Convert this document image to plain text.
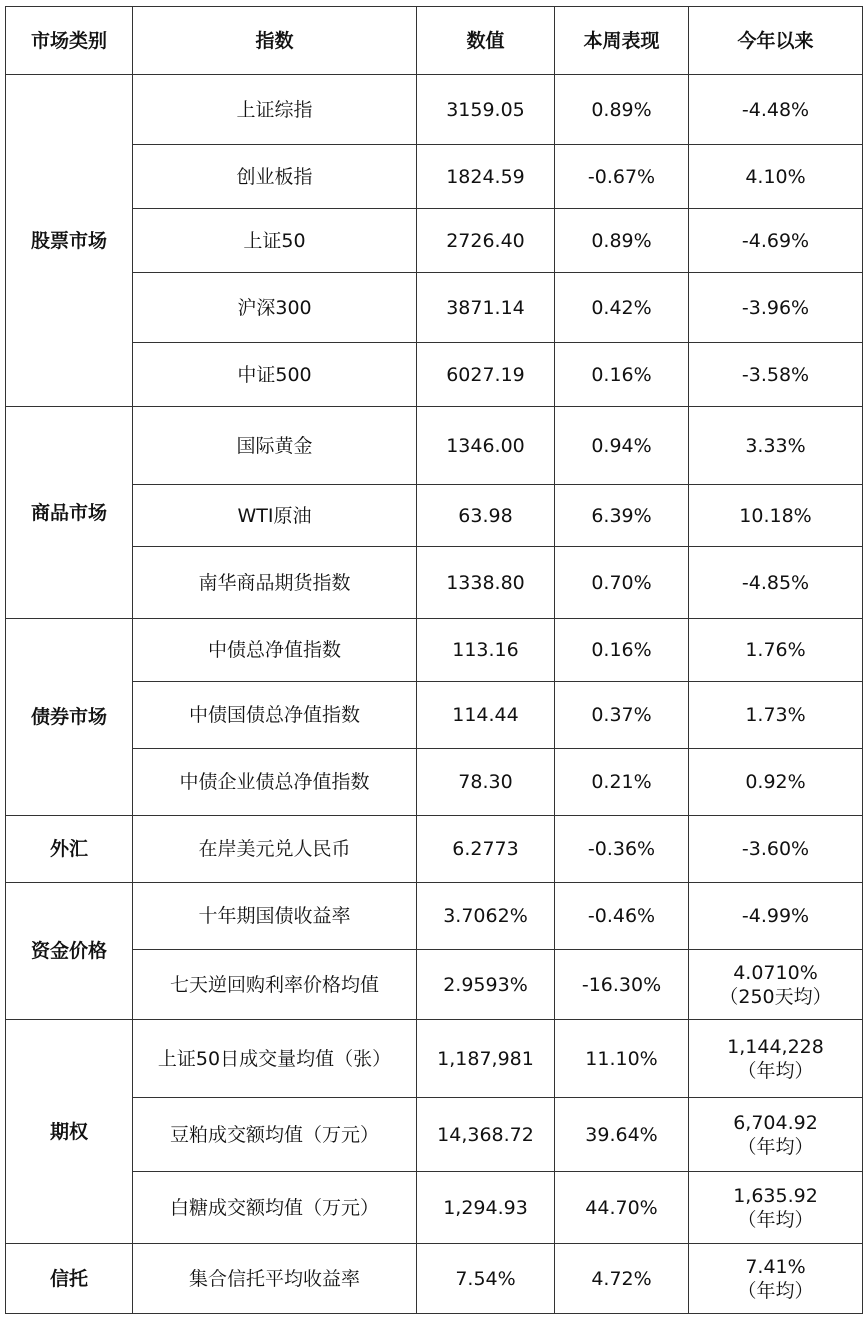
市场类别	指数	数值	本周表现	今年以来
股票市场	上证综指	3159.05	0.89%	-4.48%

	创业板指	1824.59	-0.67%	4.10%

	上证50	2726.40	0.89%	-4.69%

	沪深300	3871.14	0.42%	-3.96%

	中证500	6027.19	0.16%	-3.58%

商品市场	国际黄金	1346.00	0.94%	3.33%

	WTI原油	63.98	6.39%	10.18%

	南华商品期货指数	1338.80	0.70%	-4.85%

债券市场	中债总净值指数	113.16	0.16%	1.76%

	中债国债总净值指数	114.44	0.37%	1.73%

	中债企业债总净值指数	78.30	0.21%	0.92%

外汇	在岸美元兑人民币	6.2773	-0.36%	-3.60%

资金价格	十年期国债收益率	3.7062%	-0.46%	-4.99%

	七天逆回购利率价格均值	2.9593%	-16.30%	4.0710%
（250天均）

期权	上证50日成交量均值（张）	1,187,981	11.10%	1,144,228
（年均）

	豆粕成交额均值（万元）	14,368.72	39.64%	6,704.92
（年均）

	白糖成交额均值（万元）	1,294.93	44.70%	1,635.92
（年均）

信托	集合信托平均收益率	7.54%	4.72%	7.41%
（年均）
